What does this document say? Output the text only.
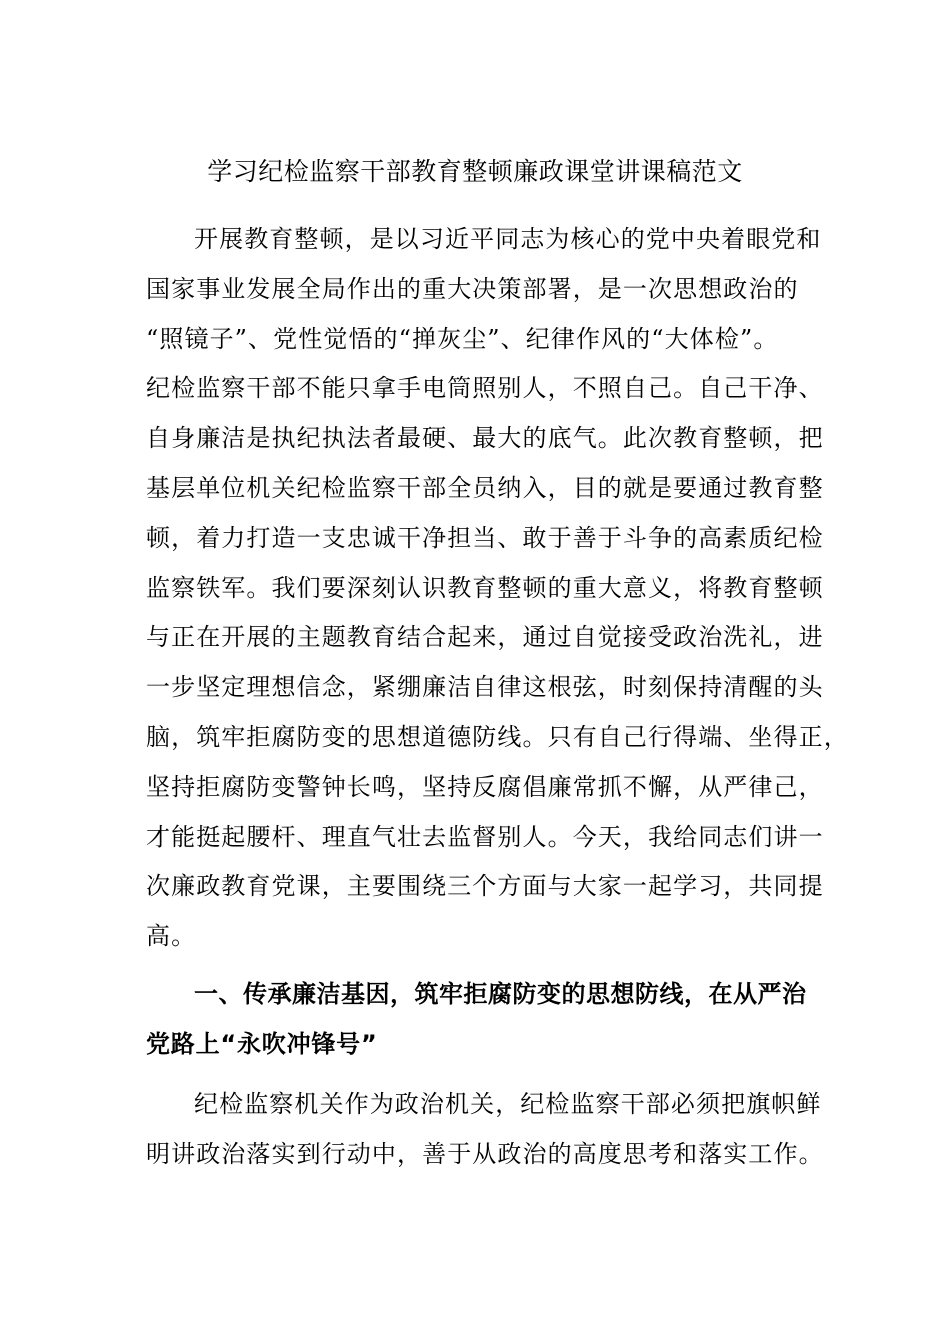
学习纪检监察干部教育整顿廉政课堂讲课稿范文
开展教育整顿，是以习近平同志为核心的党中央着眼党和
国家事业发展全局作出的重大决策部署，是一次思想政治的
“照镜子”、党性觉悟的“掸灰尘”、纪律作风的“大体检”。
纪检监察干部不能只拿手电筒照别人，不照自己。自己干净、
自身廉洁是执纪执法者最硬、最大的底气。此次教育整顿，把
基层单位机关纪检监察干部全员纳入，目的就是要通过教育整
顿，着力打造一支忠诚干净担当、敢于善于斗争的高素质纪检
监察铁军。我们要深刻认识教育整顿的重大意义，将教育整顿
与正在开展的主题教育结合起来，通过自觉接受政治洗礼，进
一步坚定理想信念，紧绷廉洁自律这根弦，时刻保持清醒的头
脑，筑牢拒腐防变的思想道德防线。只有自己行得端、坐得正，
坚持拒腐防变警钟长鸣，坚持反腐倡廉常抓不懈，从严律己，
才能挺起腰杆、理直气壮去监督别人。今天，我给同志们讲一
次廉政教育党课，主要围绕三个方面与大家一起学习，共同提
高。
一、传承廉洁基因，筑牢拒腐防变的思想防线，在从严治
党路上“永吹冲锋号”
纪检监察机关作为政治机关，纪检监察干部必须把旗帜鲜
明讲政治落实到行动中，善于从政治的高度思考和落实工作。
